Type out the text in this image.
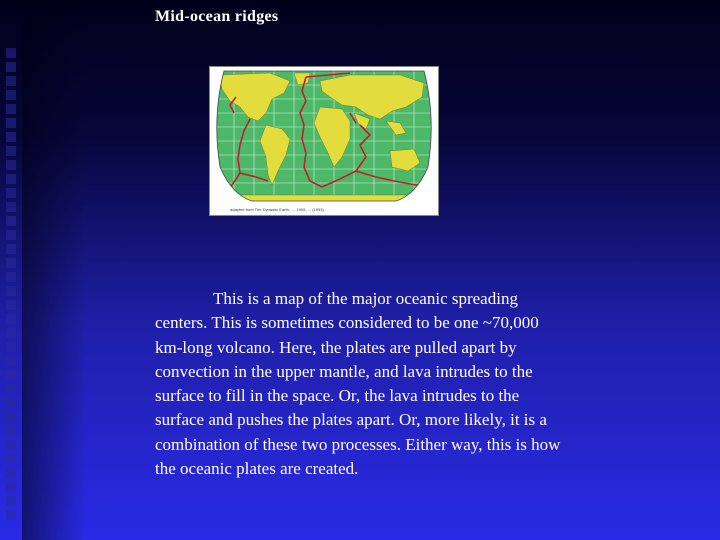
Mid-ocean ridges
adapted from The Dynamic Earth, ..., 1992; ... (1993)

This is a map of the major oceanic spreading centers. This is sometimes considered to be one ~70,000 km-long volcano. Here, the plates are pulled apart by convection in the upper mantle, and lava intrudes to the surface to fill in the space. Or, the lava intrudes to the surface and pushes the plates apart. Or, more likely, it is a combination of these two processes. Either way, this is how the oceanic plates are created.
